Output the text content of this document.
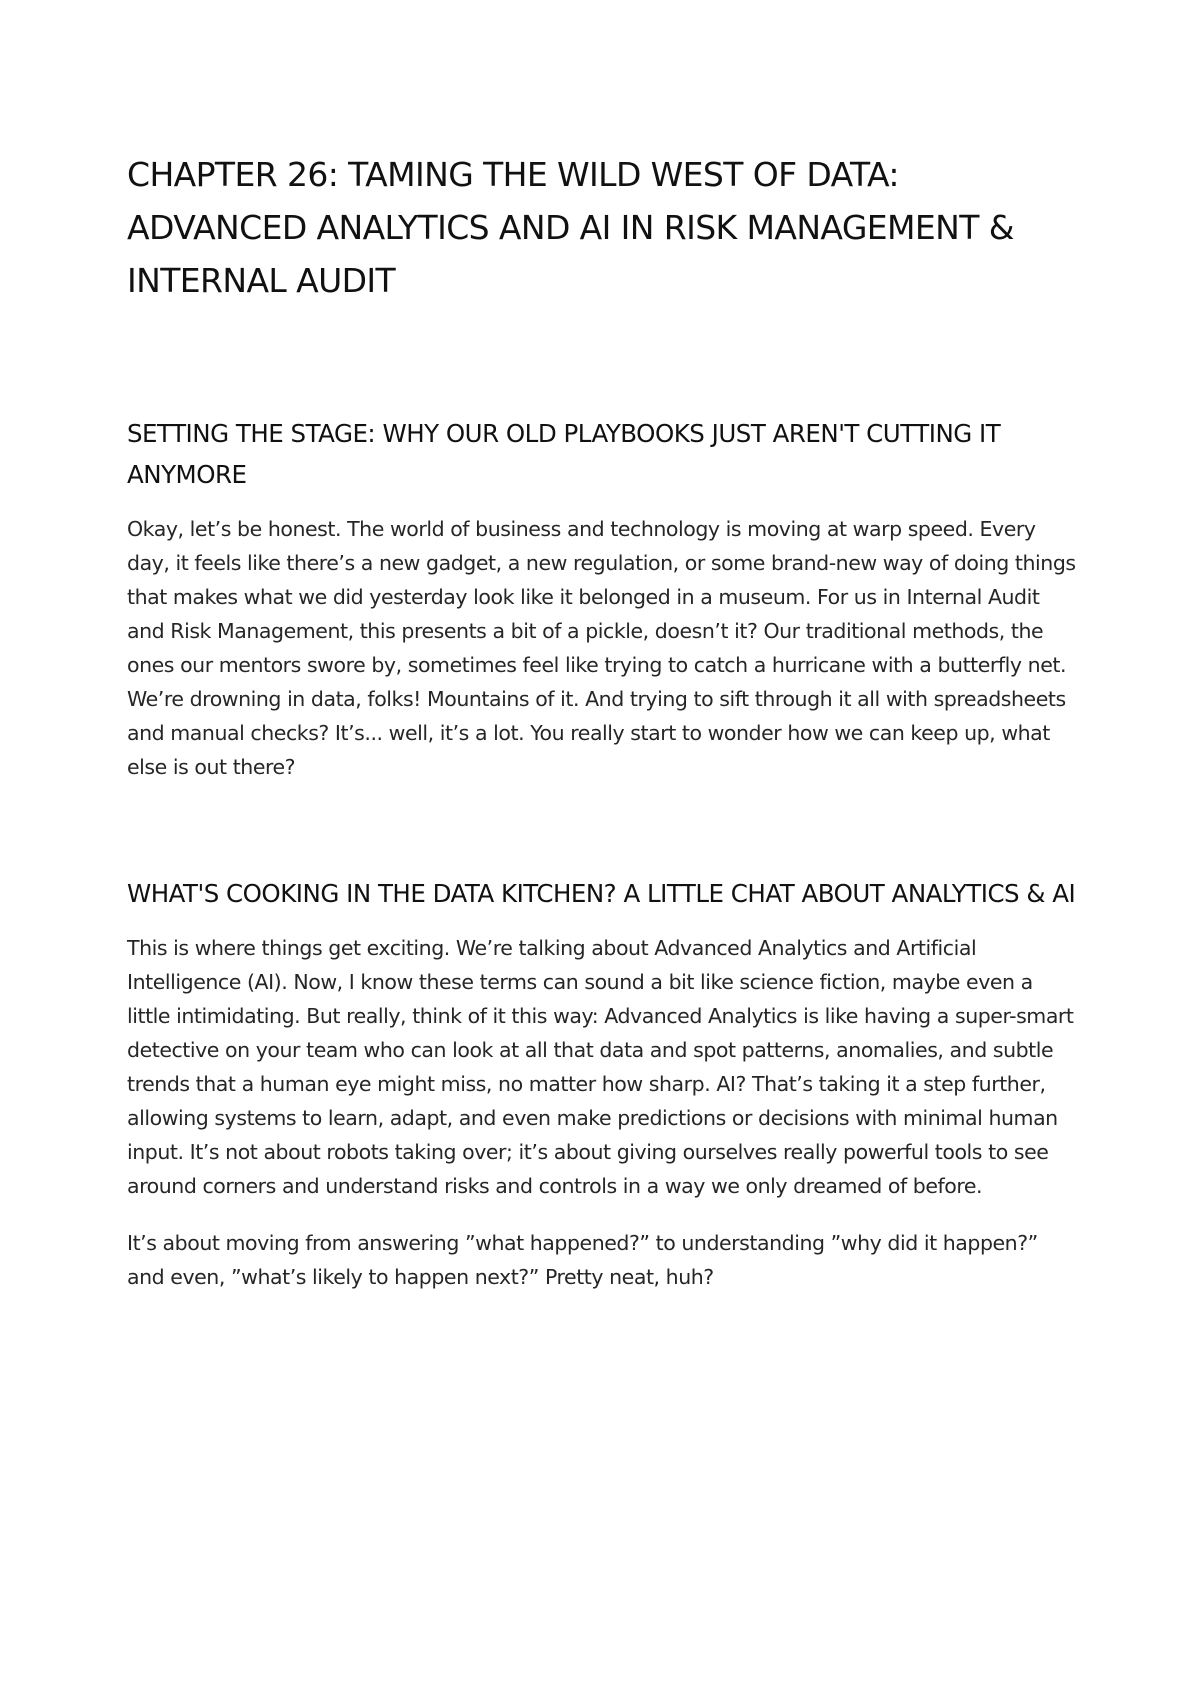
CHAPTER 26: TAMING THE WILD WEST OF DATA: ADVANCED ANALYTICS AND AI IN RISK MANAGEMENT & INTERNAL AUDIT
SETTING THE STAGE: WHY OUR OLD PLAYBOOKS JUST AREN'T CUTTING IT ANYMORE

Okay, let’s be honest. The world of business and technology is moving at warp speed. Every day, it feels like there’s a new gadget, a new regulation, or some brand-new way of doing things that makes what we did yesterday look like it belonged in a museum. For us in Internal Audit and Risk Management, this presents a bit of a pickle, doesn’t it? Our traditional methods, the ones our mentors swore by, sometimes feel like trying to catch a hurricane with a butterfly net. We’re drowning in data, folks! Mountains of it. And trying to sift through it all with spreadsheets and manual checks? It’s... well, it’s a lot. You really start to wonder how we can keep up, what else is out there?

WHAT'S COOKING IN THE DATA KITCHEN? A LITTLE CHAT ABOUT ANALYTICS & AI

This is where things get exciting. We’re talking about Advanced Analytics and Artificial Intelligence (AI). Now, I know these terms can sound a bit like science fiction, maybe even a little intimidating. But really, think of it this way: Advanced Analytics is like having a super-smart detective on your team who can look at all that data and spot patterns, anomalies, and subtle trends that a human eye might miss, no matter how sharp. AI? That’s taking it a step further, allowing systems to learn, adapt, and even make predictions or decisions with minimal human input. It’s not about robots taking over; it’s about giving ourselves really powerful tools to see around corners and understand risks and controls in a way we only dreamed of before.

It’s about moving from answering ”what happened?” to understanding ”why did it happen?” and even, ”what’s likely to happen next?” Pretty neat, huh?
